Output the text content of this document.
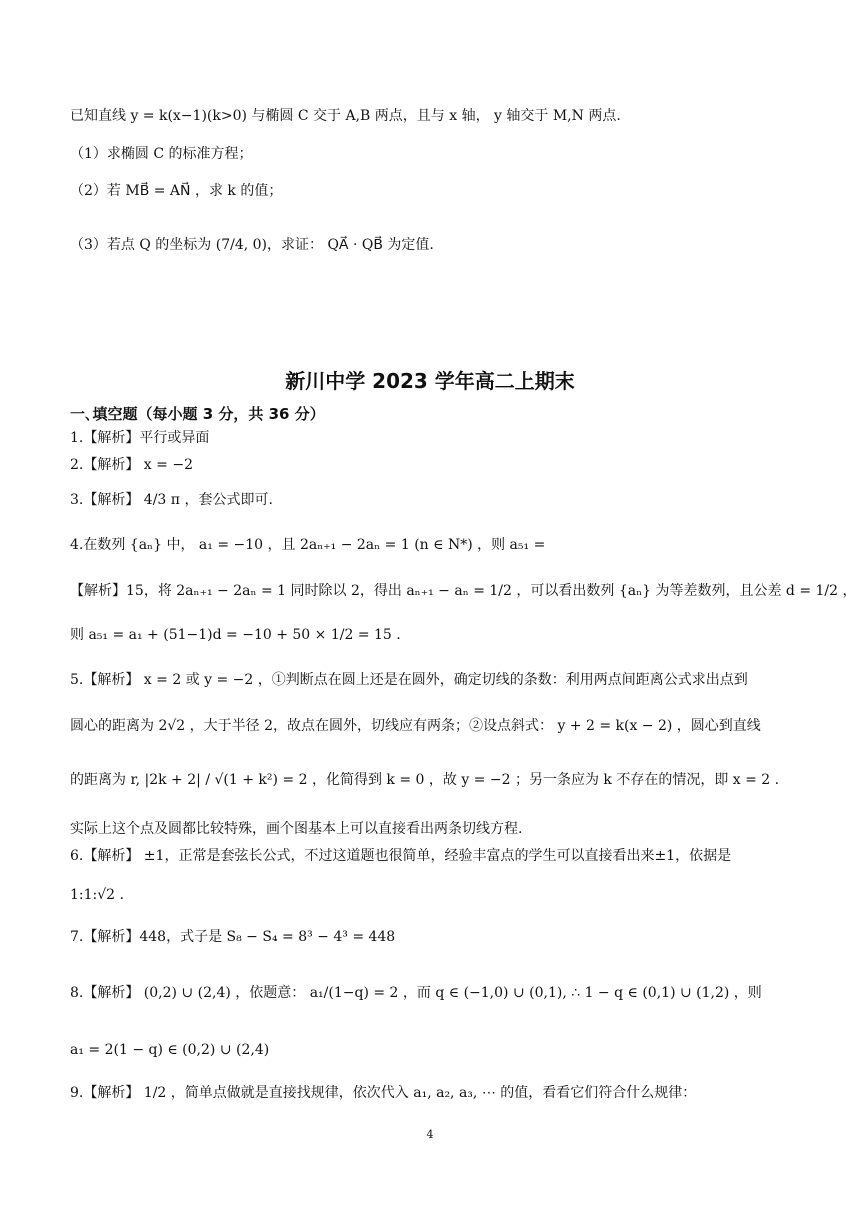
已知直线 y = k(x−1)(k>0) 与椭圆 C 交于 A,B 两点，且与 x 轴， y 轴交于 M,N 两点.
（1）求椭圆 C 的标准方程；
（2）若 MB⃗ = AN⃗ ，求 k 的值；
（3）若点 Q 的坐标为 (7/4, 0)，求证： QA⃗ · QB⃗ 为定值.
新川中学 2023 学年高二上期末
一､填空题（每小题 3 分，共 36 分）
1.【解析】平行或异面
2.【解析】 x = −2
3.【解析】 4/3 π ，套公式即可.
4.在数列 {aₙ} 中， a₁ = −10 ，且 2aₙ₊₁ − 2aₙ = 1 (n ∈ N*) ，则 a₅₁ =
【解析】15，将 2aₙ₊₁ − 2aₙ = 1 同时除以 2，得出 aₙ₊₁ − aₙ = 1/2 ，可以看出数列 {aₙ} 为等差数列，且公差 d = 1/2 ，
则 a₅₁ = a₁ + (51−1)d = −10 + 50 × 1/2 = 15 .
5.【解析】 x = 2 或 y = −2 ，①判断点在圆上还是在圆外，确定切线的条数：利用两点间距离公式求出点到
圆心的距离为 2√2 ，大于半径 2，故点在圆外，切线应有两条；②设点斜式： y + 2 = k(x − 2) ，圆心到直线
的距离为 r, |2k + 2| / √(1 + k²) = 2 ，化简得到 k = 0 ，故 y = −2 ；另一条应为 k 不存在的情况，即 x = 2 .
实际上这个点及圆都比较特殊，画个图基本上可以直接看出两条切线方程.
6.【解析】 ±1，正常是套弦长公式，不过这道题也很简单，经验丰富点的学生可以直接看出来±1，依据是
1:1:√2 .
7.【解析】448，式子是 S₈ − S₄ = 8³ − 4³ = 448
8.【解析】 (0,2) ∪ (2,4) ，依题意： a₁/(1−q) = 2 ，而 q ∈ (−1,0) ∪ (0,1), ∴ 1 − q ∈ (0,1) ∪ (1,2) ，则
a₁ = 2(1 − q) ∈ (0,2) ∪ (2,4)
9.【解析】 1/2 ，简单点做就是直接找规律，依次代入 a₁, a₂, a₃, ⋯ 的值，看看它们符合什么规律：
4
